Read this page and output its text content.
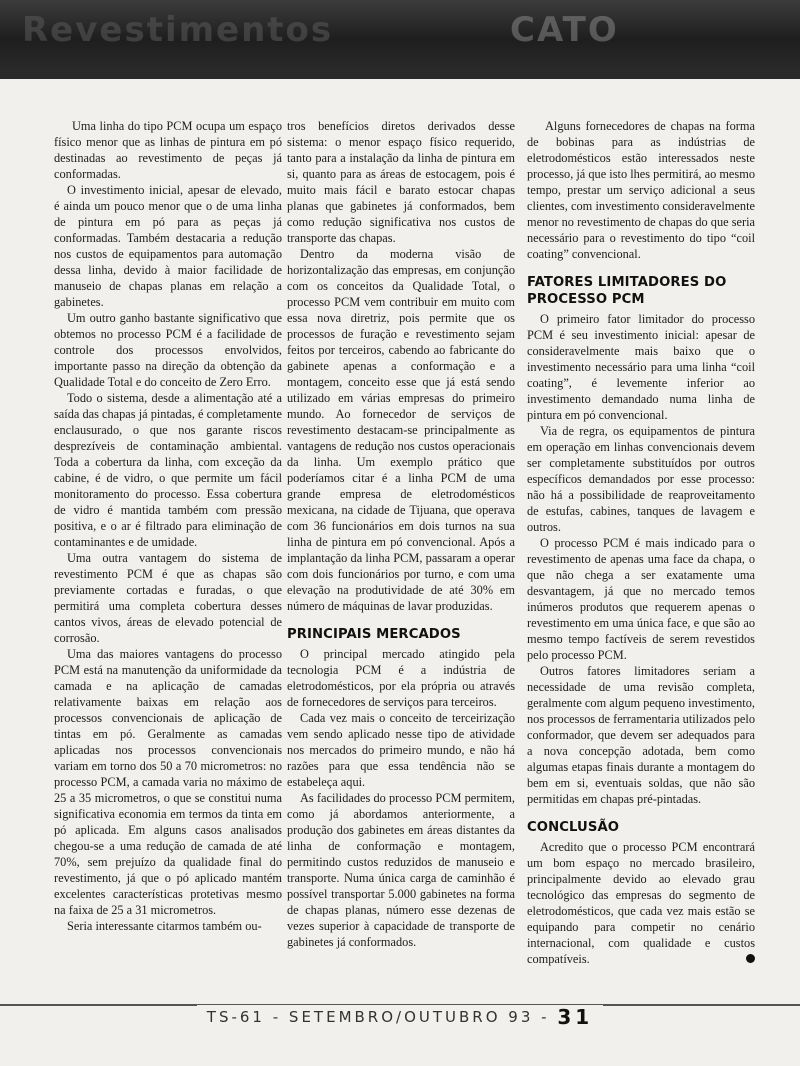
Revestimentos	CATO

Uma linha do tipo PCM ocupa um espaço físico menor que as linhas de pintura em pó destinadas ao revestimento de peças já conformadas.

O investimento inicial, apesar de elevado, é ainda um pouco menor que o de uma linha de pintura em pó para as peças já conformadas. Também destacaria a redução nos custos de equipamentos para automação dessa linha, devido à maior facilidade de manuseio de chapas planas em relação a gabinetes.

Um outro ganho bastante significativo que obtemos no processo PCM é a facilidade de controle dos processos envolvidos, importante passo na direção da obtenção da Qualidade Total e do conceito de Zero Erro.

Todo o sistema, desde a alimentação até a saída das chapas já pintadas, é completamente enclausurado, o que nos garante riscos desprezíveis de contaminação ambiental. Toda a cobertura da linha, com exceção da cabine, é de vidro, o que permite um fácil monitoramento do processo. Essa cobertura de vidro é mantida também com pressão positiva, e o ar é filtrado para eliminação de contaminantes e de umidade.

Uma outra vantagem do sistema de revestimento PCM é que as chapas são previamente cortadas e furadas, o que permitirá uma completa cobertura desses cantos vivos, áreas de elevado potencial de corrosão.

Uma das maiores vantagens do processo PCM está na manutenção da uniformidade da camada e na aplicação de camadas relativamente baixas em relação aos processos convencionais de aplicação de tintas em pó. Geralmente as camadas aplicadas nos processos convencionais variam em torno dos 50 a 70 micrometros: no processo PCM, a camada varia no máximo de 25 a 35 micrometros, o que se constitui numa significativa economia em termos da tinta em pó aplicada. Em alguns casos analisados chegou-se a uma redução de camada de até 70%, sem prejuízo da qualidade final do revestimento, já que o pó aplicado mantém excelentes características protetivas mesmo na faixa de 25 a 31 micrometros.

Seria interessante citarmos também ou-

tros benefícios diretos derivados desse sistema: o menor espaço físico requerido, tanto para a instalação da linha de pintura em si, quanto para as áreas de estocagem, pois é muito mais fácil e barato estocar chapas planas que gabinetes já conformados, bem como redução significativa nos custos de transporte das chapas.

Dentro da moderna visão de horizontalização das empresas, em conjunção com os conceitos da Qualidade Total, o processo PCM vem contribuir em muito com essa nova diretriz, pois permite que os processos de furação e revestimento sejam feitos por terceiros, cabendo ao fabricante do gabinete apenas a conformação e a montagem, conceito esse que já está sendo utilizado em várias empresas do primeiro mundo. Ao fornecedor de serviços de revestimento destacam-se principalmente as vantagens de redução nos custos operacionais da linha. Um exemplo prático que poderíamos citar é a linha PCM de uma grande empresa de eletrodomésticos mexicana, na cidade de Tijuana, que operava com 36 funcionários em dois turnos na sua linha de pintura em pó convencional. Após a implantação da linha PCM, passaram a operar com dois funcionários por turno, e com uma elevação na produtividade de até 30% em número de máquinas de lavar produzidas.

PRINCIPAIS MERCADOS

O principal mercado atingido pela tecnologia PCM é a indústria de eletrodomésticos, por ela própria ou através de fornecedores de serviços para terceiros.

Cada vez mais o conceito de terceirização vem sendo aplicado nesse tipo de atividade nos mercados do primeiro mundo, e não há razões para que essa tendência não se estabeleça aqui.

As facilidades do processo PCM permitem, como já abordamos anteriormente, a produção dos gabinetes em áreas distantes da linha de conformação e montagem, permitindo custos reduzidos de manuseio e transporte. Numa única carga de caminhão é possível transportar 5.000 gabinetes na forma de chapas planas, número esse dezenas de vezes superior à capacidade de transporte de gabinetes já conformados.

Alguns fornecedores de chapas na forma de bobinas para as indústrias de eletrodomésticos estão interessados neste processo, já que isto lhes permitirá, ao mesmo tempo, prestar um serviço adicional a seus clientes, com investimento consideravelmente menor no revestimento de chapas do que seria necessário para o revestimento do tipo “coil coating” convencional.

FATORES LIMITADORES DO PROCESSO PCM

O primeiro fator limitador do processo PCM é seu investimento inicial: apesar de consideravelmente mais baixo que o investimento necessário para uma linha “coil coating”, é levemente inferior ao investimento demandado numa linha de pintura em pó convencional.

Via de regra, os equipamentos de pintura em operação em linhas convencionais devem ser completamente substituídos por outros específicos demandados por esse processo: não há a possibilidade de reaproveitamento de estufas, cabines, tanques de lavagem e outros.

O processo PCM é mais indicado para o revestimento de apenas uma face da chapa, o que não chega a ser exatamente uma desvantagem, já que no mercado temos inúmeros produtos que requerem apenas o revestimento em uma única face, e que são ao mesmo tempo factíveis de serem revestidos pelo processo PCM.

Outros fatores limitadores seriam a necessidade de uma revisão completa, geralmente com algum pequeno investimento, nos processos de ferramentaria utilizados pelo conformador, que devem ser adequados para a nova concepção adotada, bem como algumas etapas finais durante a montagem do bem em si, eventuais soldas, que não são permitidas em chapas pré-pintadas.

CONCLUSÃO

Acredito que o processo PCM encontrará um bom espaço no mercado brasileiro, principalmente devido ao elevado grau tecnológico das empresas do segmento de eletrodomésticos, que cada vez mais estão se equipando para competir no cenário internacional, com qualidade e custos compatíveis.

TS-61 - SETEMBRO/OUTUBRO 93 - 31
